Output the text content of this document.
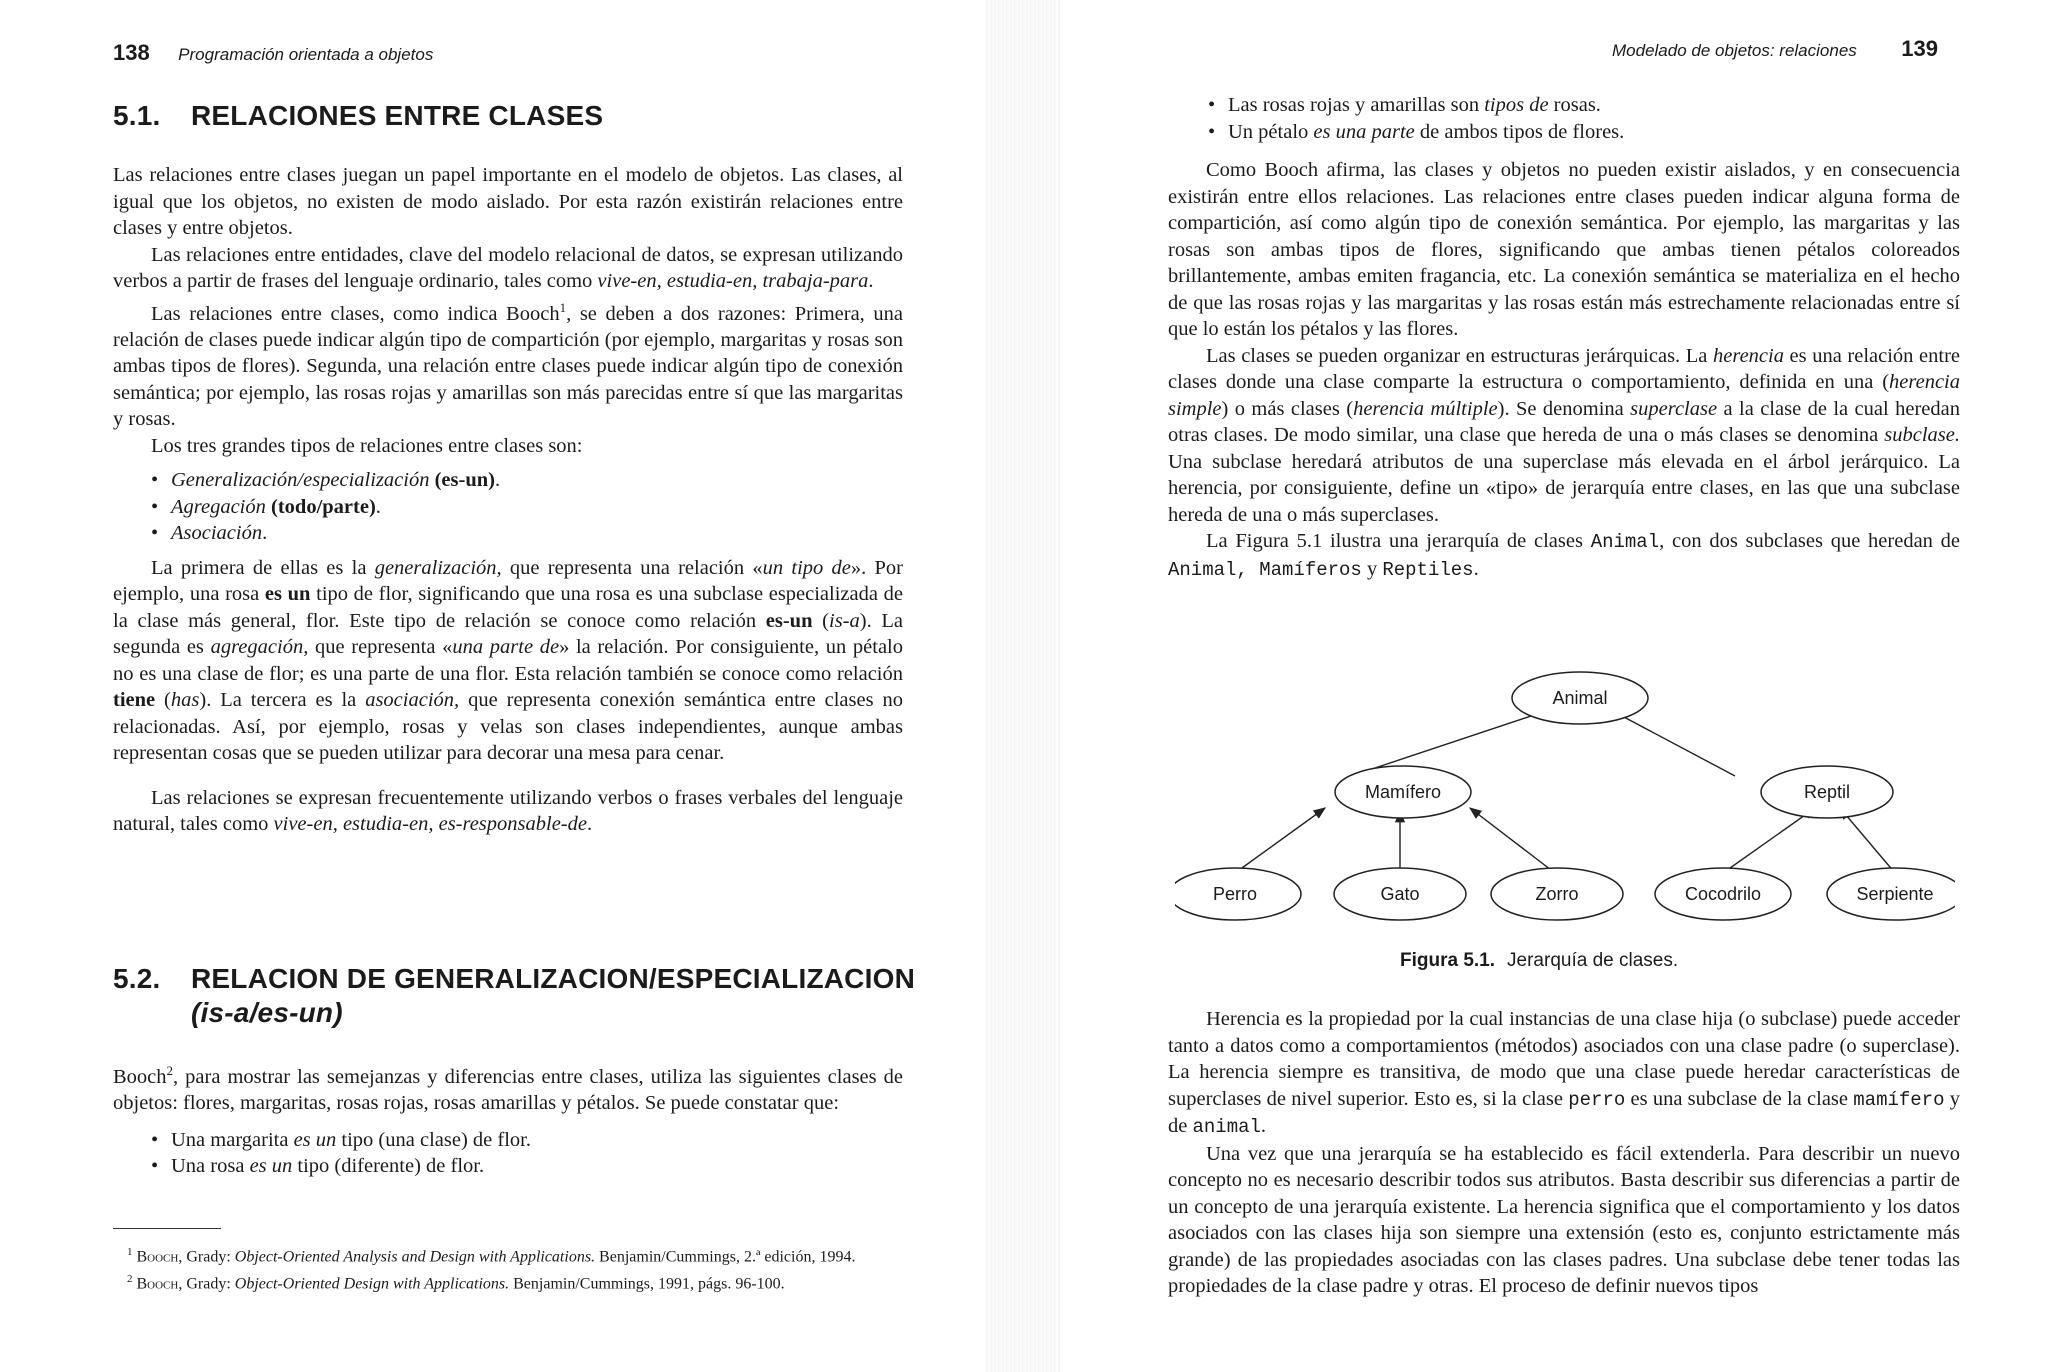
138 Programación orientada a objetos
5.1. RELACIONES ENTRE CLASES

Las relaciones entre clases juegan un papel importante en el modelo de objetos. Las clases, al igual que los objetos, no existen de modo aislado. Por esta razón existirán relaciones entre clases y entre objetos.

Las relaciones entre entidades, clave del modelo relacional de datos, se expresan utilizando verbos a partir de frases del lenguaje ordinario, tales como vive-en, estudia-en, trabaja-para.

Las relaciones entre clases, como indica Booch$^1$, se deben a dos razones: Primera, una relación de clases puede indicar algún tipo de compartición (por ejemplo, margaritas y rosas son ambas tipos de flores). Segunda, una relación entre clases puede indicar algún tipo de conexión semántica; por ejemplo, las rosas rojas y amarillas son más parecidas entre sí que las margaritas y rosas.

Los tres grandes tipos de relaciones entre clases son:

• Generalización/especialización (es-un).
• Agregación (todo/parte).
• Asociación.

La primera de ellas es la generalización, que representa una relación «un tipo de». Por ejemplo, una rosa es un tipo de flor, significando que una rosa es una subclase especializada de la clase más general, flor. Este tipo de relación se conoce como relación es-un (is-a). La segunda es agregación, que representa «una parte de» la relación. Por consiguiente, un pétalo no es una clase de flor; es una parte de una flor. Esta relación también se conoce como relación tiene (has). La tercera es la asociación, que representa conexión semántica entre clases no relacionadas. Así, por ejemplo, rosas y velas son clases independientes, aunque ambas representan cosas que se pueden utilizar para decorar una mesa para cenar.

Las relaciones se expresan frecuentemente utilizando verbos o frases verbales del lenguaje natural, tales como vive-en, estudia-en, es-responsable-de.

5.2. RELACION DE GENERALIZACION/ESPECIALIZACION
(is-a/es-un)

Booch$^2$, para mostrar las semejanzas y diferencias entre clases, utiliza las siguientes clases de objetos: flores, margaritas, rosas rojas, rosas amarillas y pétalos. Se puede constatar que:

• Una margarita es un tipo (una clase) de flor.
• Una rosa es un tipo (diferente) de flor.

$^1$ Booch, Grady: Object-Oriented Analysis and Design with Applications. Benjamin/Cummings, 2.ª edición, 1994.

$^2$ Booch, Grady: Object-Oriented Design with Applications. Benjamin/Cummings, 1991, págs. 96-100.

Modelado de objetos: relaciones 139
• Las rosas rojas y amarillas son tipos de rosas.
• Un pétalo es una parte de ambos tipos de flores.

Como Booch afirma, las clases y objetos no pueden existir aislados, y en consecuencia existirán entre ellos relaciones. Las relaciones entre clases pueden indicar alguna forma de compartición, así como algún tipo de conexión semántica. Por ejemplo, las margaritas y las rosas son ambas tipos de flores, significando que ambas tienen pétalos coloreados brillantemente, ambas emiten fragancia, etc. La conexión semántica se materializa en el hecho de que las rosas rojas y las margaritas y las rosas están más estrechamente relacionadas entre sí que lo están los pétalos y las flores.

Las clases se pueden organizar en estructuras jerárquicas. La herencia es una relación entre clases donde una clase comparte la estructura o comportamiento, definida en una (herencia simple) o más clases (herencia múltiple). Se denomina superclase a la clase de la cual heredan otras clases. De modo similar, una clase que hereda de una o más clases se denomina subclase. Una subclase heredará atributos de una superclase más elevada en el árbol jerárquico. La herencia, por consiguiente, define un «tipo» de jerarquía entre clases, en las que una subclase hereda de una o más superclases.

La Figura 5.1 ilustra una jerarquía de clases Animal, con dos subclases que heredan de Animal, Mamíferos y Reptiles.

Animal
Mamífero	Reptil
Perro	Gato	Zorro	Cocodrilo	Serpiente
Figura 5.1. Jerarquía de clases.

Herencia es la propiedad por la cual instancias de una clase hija (o subclase) puede acceder tanto a datos como a comportamientos (métodos) asociados con una clase padre (o superclase). La herencia siempre es transitiva, de modo que una clase puede heredar características de superclases de nivel superior. Esto es, si la clase perro es una subclase de la clase mamífero y de animal.

Una vez que una jerarquía se ha establecido es fácil extenderla. Para describir un nuevo concepto no es necesario describir todos sus atributos. Basta describir sus diferencias a partir de un concepto de una jerarquía existente. La herencia significa que el comportamiento y los datos asociados con las clases hija son siempre una extensión (esto es, conjunto estrictamente más grande) de las propiedades asociadas con las clases padres. Una subclase debe tener todas las propiedades de la clase padre y otras. El proceso de definir nuevos tipos
